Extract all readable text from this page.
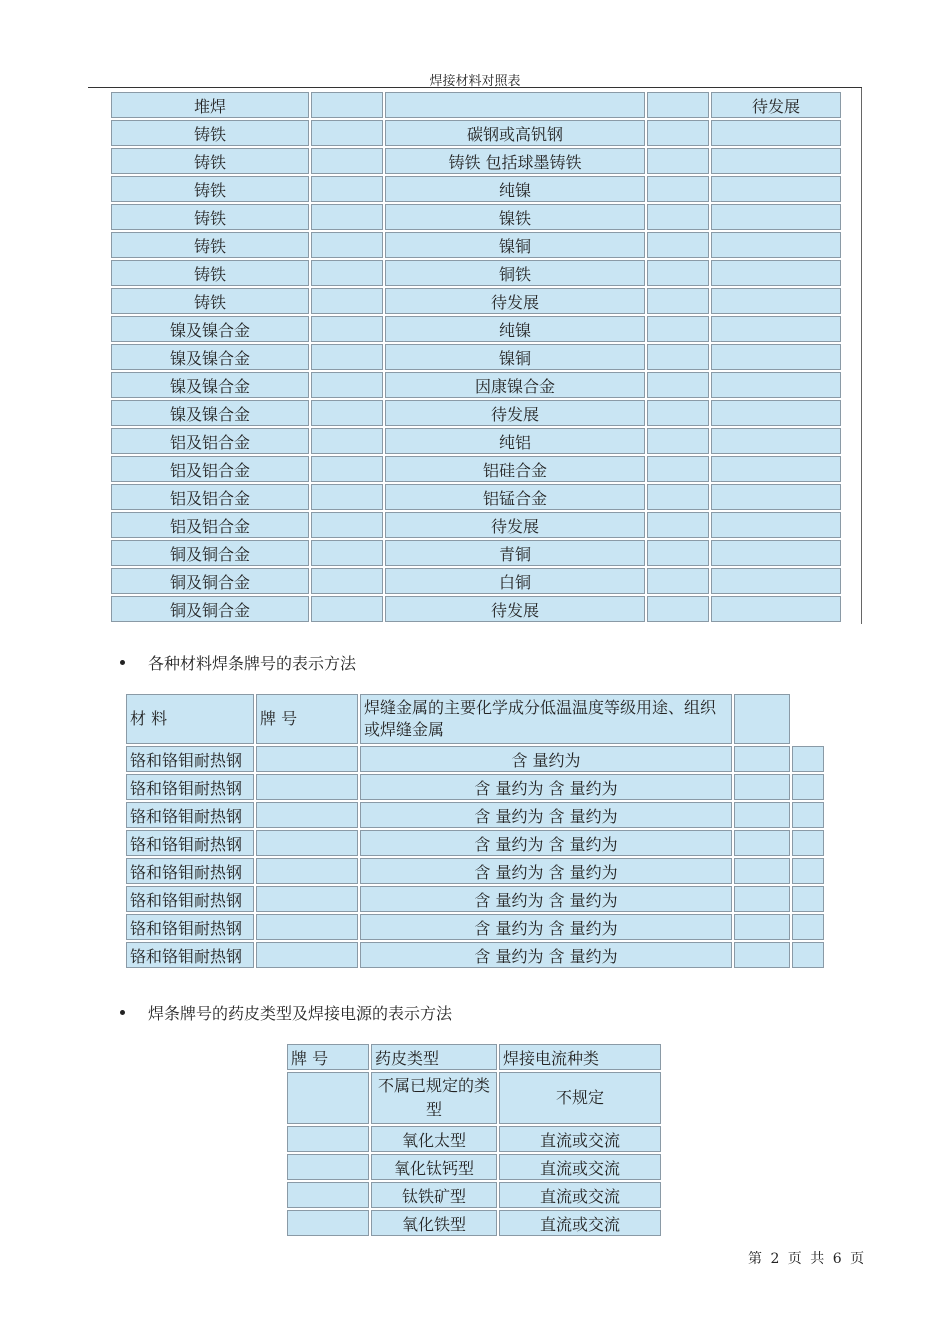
焊接材料对照表
堆焊				待发展
铸铁		碳钢或高钒钢		
铸铁		铸铁 包括球墨铸铁		
铸铁		纯镍		
铸铁		镍铁		
铸铁		镍铜		
铸铁		铜铁		
铸铁		待发展		
镍及镍合金		纯镍		
镍及镍合金		镍铜		
镍及镍合金		因康镍合金		
镍及镍合金		待发展		
铝及铝合金		纯铝		
铝及铝合金		铝硅合金		
铝及铝合金		铝锰合金		
铝及铝合金		待发展		
铜及铜合金		青铜		
铜及铜合金		白铜		
铜及铜合金		待发展		
各种材料焊条牌号的表示方法
材 料	牌 号	焊缝金属的主要化学成分低温温度等级用途、组织或焊缝金属		
铬和铬钼耐热钢		含 量约为		
铬和铬钼耐热钢		含 量约为 含 量约为		
铬和铬钼耐热钢		含 量约为 含 量约为		
铬和铬钼耐热钢		含 量约为 含 量约为		
铬和铬钼耐热钢		含 量约为 含 量约为		
铬和铬钼耐热钢		含 量约为 含 量约为		
铬和铬钼耐热钢		含 量约为 含 量约为		
铬和铬钼耐热钢		含 量约为 含 量约为		
焊条牌号的药皮类型及焊接电源的表示方法
牌 号	药皮类型	焊接电流种类
	不属已规定的类型	不规定
	氧化太型	直流或交流
	氧化钛钙型	直流或交流
	钛铁矿型	直流或交流
	氧化铁型	直流或交流
第 2 页 共 6 页
